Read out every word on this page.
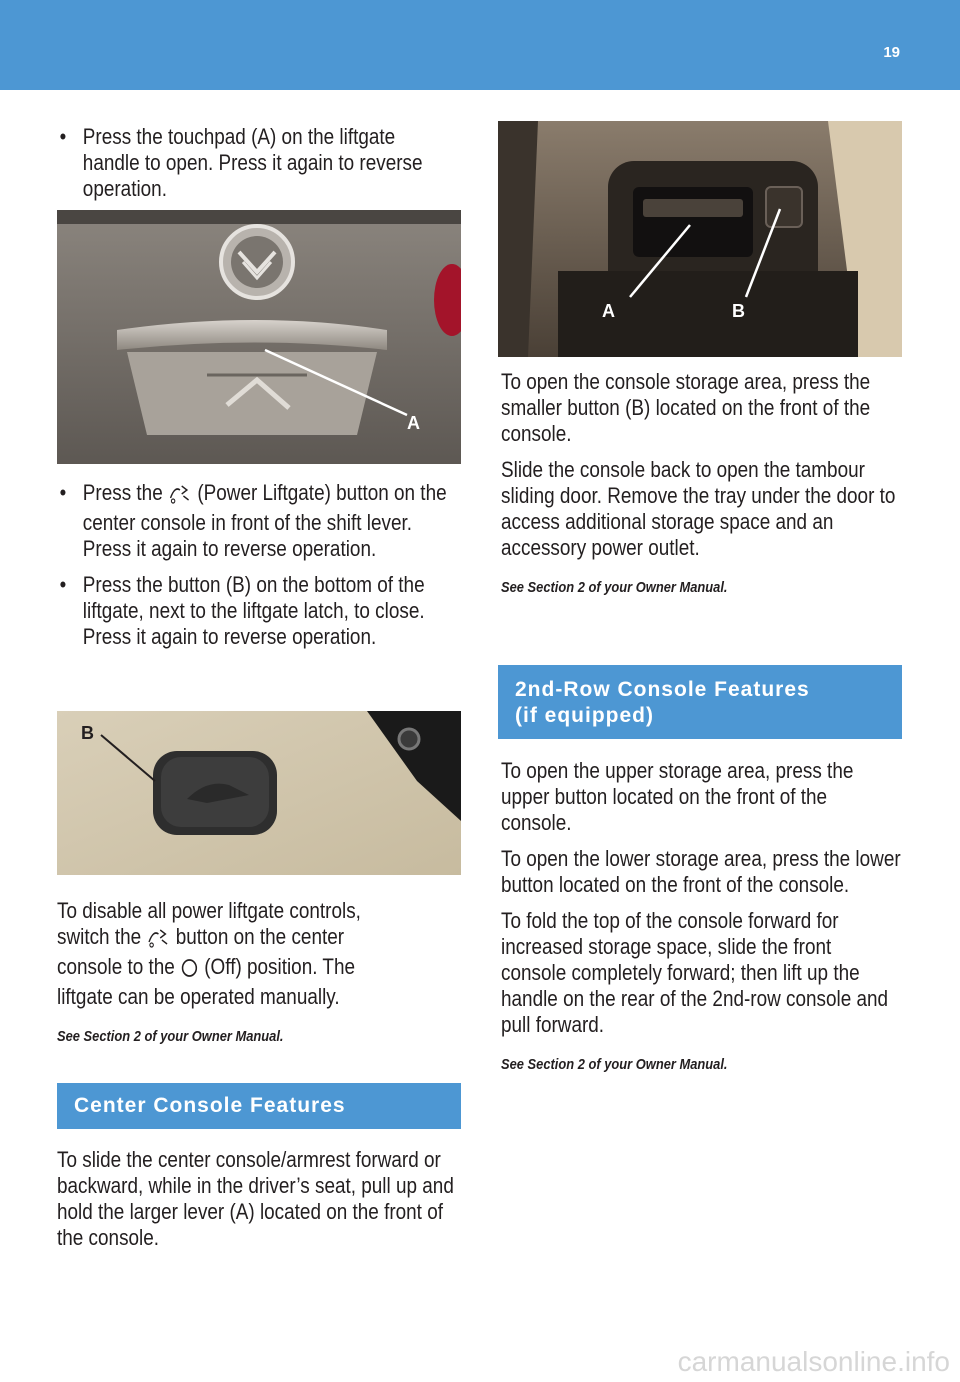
19

• Press the touchpad (A) on the liftgate handle to open. Press it again to reverse operation.

A

• Press the (Power Liftgate) button on the center console in front of the shift lever. Press it again to reverse operation.

• Press the button (B) on the bottom of the liftgate, next to the liftgate latch, to close. Press it again to reverse operation.

B
To disable all power liftgate controls,
switch the button on the center
console to the (Off) position. The
liftgate can be operated manually.

See Section 2 of your Owner Manual.

Center Console Features

To slide the center console/armrest forward or backward, while in the driver’s seat, pull up and hold the larger lever (A) located on the front of the console.

A	B

To open the console storage area, press the smaller button (B) located on the front of the console.

Slide the console back to open the tambour sliding door. Remove the tray under the door to access additional storage space and an accessory power outlet.

See Section 2 of your Owner Manual.

2nd-Row Console Features
(if equipped)

To open the upper storage area, press the upper button located on the front of the console.

To open the lower storage area, press the lower button located on the front of the console.

To fold the top of the console forward for increased storage space, slide the front console completely forward; then lift up the handle on the rear of the 2nd-row console and pull forward.

See Section 2 of your Owner Manual.

carmanualsonline.info
